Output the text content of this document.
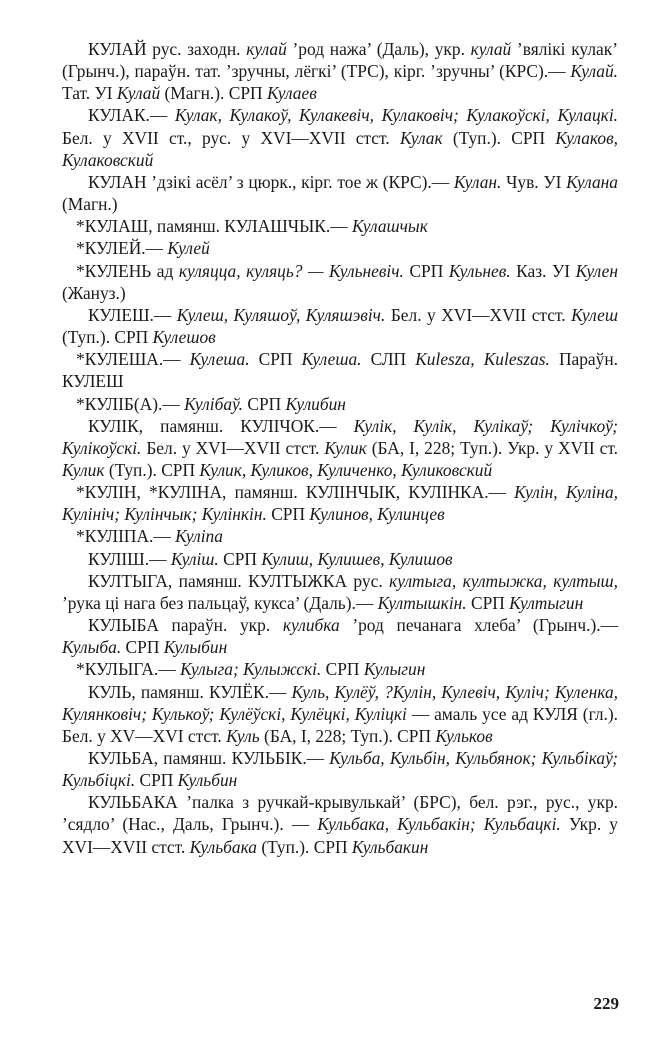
КУЛАЙ рус. заходн. кулай ’род нажа’ (Даль), укр. кулай ’вялікі кулак’ (Грынч.), параўн. тат. ’зручны, лёгкі’ (ТРС), кірг. ’зручны’ (КРС).— Кулай. Тат. УІ Кулай (Магн.). СРП Кулаев

КУЛАК.— Кулак, Кулакоў, Кулакевіч, Кулаковіч; Кулакоўскі, Кулацкі. Бел. у XVII ст., рус. у XVI—XVII стст. Кулак (Туп.). СРП Кулаков, Кулаковский

КУЛАН ’дзікі асёл’ з цюрк., кірг. тое ж (КРС).— Кулан. Чув. УІ Кулана (Магн.)

*КУЛАШ, памянш. КУЛАШЧЫК.— Кулашчык

*КУЛЕЙ.— Кулей

*КУЛЕНЬ ад куляцца, куляць? — Кульневіч. СРП Кульнев. Каз. УІ Кулен (Жануз.)

КУЛЕШ.— Кулеш, Куляшоў, Куляшэвіч. Бел. у XVI—XVII стст. Кулеш (Туп.). СРП Кулешов

*КУЛЕША.— Кулеша. СРП Кулеша. СЛП Kulesza, Kuleszas. Параўн. КУЛЕШ

*КУЛІБ(А).— Кулібаў. СРП Кулибин

КУЛІК, памянш. КУЛІЧОК.— Кулік, Кулік, Кулікаў; Кулічкоў; Кулікоўскі. Бел. у XVI—XVII стст. Кулик (БА, I, 228; Туп.). Укр. у XVII ст. Кулик (Туп.). СРП Кулик, Куликов, Куличенко, Куликовский

*КУЛІН, *КУЛІНА, памянш. КУЛІНЧЫК, КУЛІНКА.— Кулін, Куліна, Кулініч; Кулінчык; Кулінкін. СРП Кулинов, Кулинцев

*КУЛІПА.— Куліпа

КУЛІШ.— Куліш. СРП Кулиш, Кулишев, Кулишов

КУЛТЫГА, памянш. КУЛТЫЖКА рус. култыга, култыжка, култыш, ’рука ці нага без пальцаў, кукса’ (Даль).— Култышкін. СРП Култыгин

КУЛЫБА параўн. укр. кулибка ’род печанага хлеба’ (Грынч.).— Кулыба. СРП Кулыбин

*КУЛЫГА.— Кулыга; Кулыжскі. СРП Кулыгин

КУЛЬ, памянш. КУЛЁК.— Куль, Кулёў, ?Кулін, Кулевіч, Куліч; Куленка, Кулянковіч; Кулькоў; Кулёўскі, Кулёцкі, Куліцкі — амаль усе ад КУЛЯ (гл.). Бел. у XV—XVI стст. Куль (БА, I, 228; Туп.). СРП Кульков

КУЛЬБА, памянш. КУЛЬБІК.— Кульба, Кульбін, Кульбянок; Кульбікаў; Кульбіцкі. СРП Кульбин

КУЛЬБАКА ’палка з ручкай-крывулькай’ (БРС), бел. рэг., рус., укр. ’сядло’ (Нас., Даль, Грынч.). — Кульбака, Кульбакін; Кульбацкі. Укр. у XVI—XVII стст. Кульбака (Туп.). СРП Кульбакин

229
